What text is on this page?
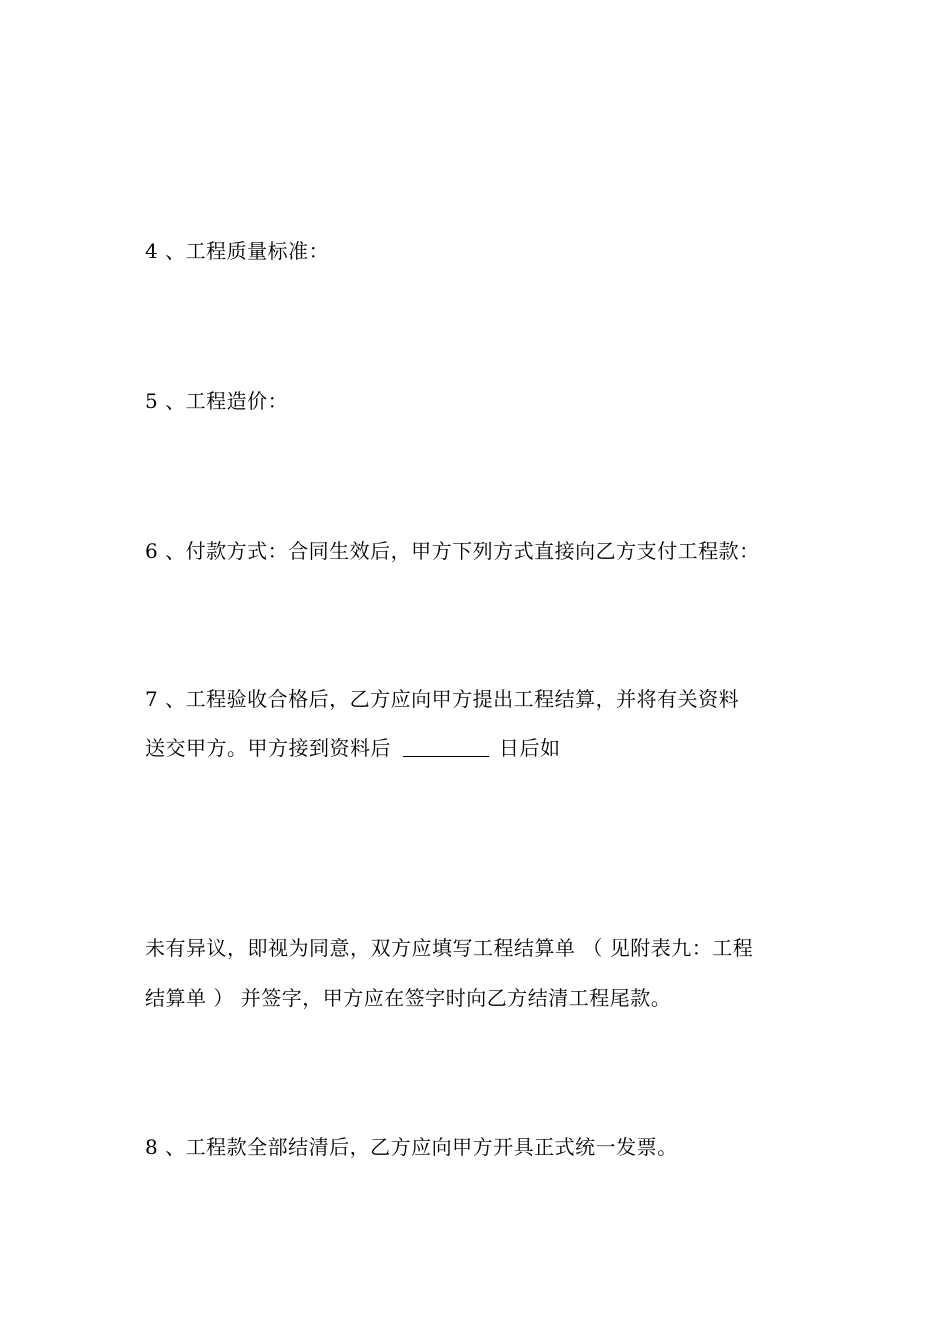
4 、工程质量标准：
5 、工程造价：
6 、付款方式：合同生效后，甲方下列方式直接向乙方支付工程款：
7 、工程验收合格后，乙方应向甲方提出工程结算，并将有关资料
送交甲方。甲方接到资料后	日后如
未有异议，即视为同意，双方应填写工程结算单 （ 见附表九：工程
结算单 ） 并签字，甲方应在签字时向乙方结清工程尾款。
8 、工程款全部结清后，乙方应向甲方开具正式统一发票。
